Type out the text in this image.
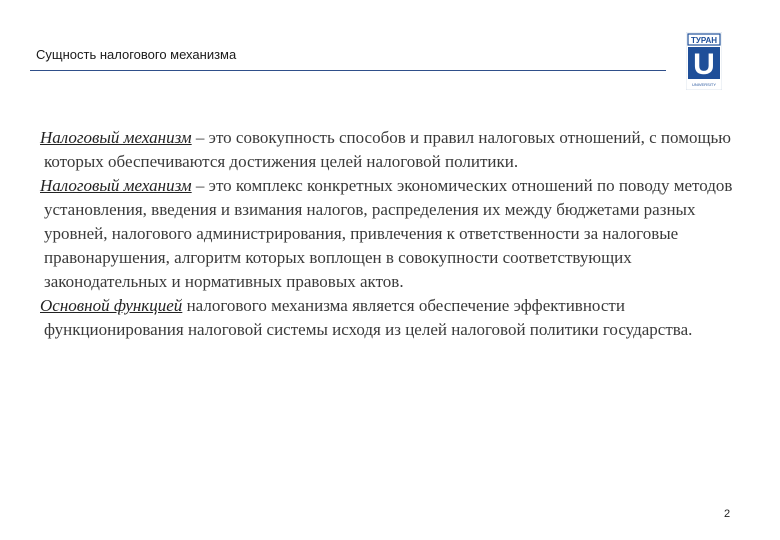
Сущность налогового механизма
ТУРАН
U
UNIVERSITY

Налоговый механизм – это совокупность способов и правил налоговых отношений, с помощью которых обеспечиваются достижения целей налоговой политики.

Налоговый механизм – это комплекс конкретных экономических отношений по поводу методов установления, введения и взимания налогов, распределения их между бюджетами разных уровней, налогового администрирования, привлечения к ответственности за налоговые правонарушения, алгоритм которых воплощен в совокупности соответствующих законодательных и нормативных правовых актов.

Основной функцией налогового механизма является обеспечение эффективности функционирования налоговой системы исходя из целей налоговой политики государства.

2
